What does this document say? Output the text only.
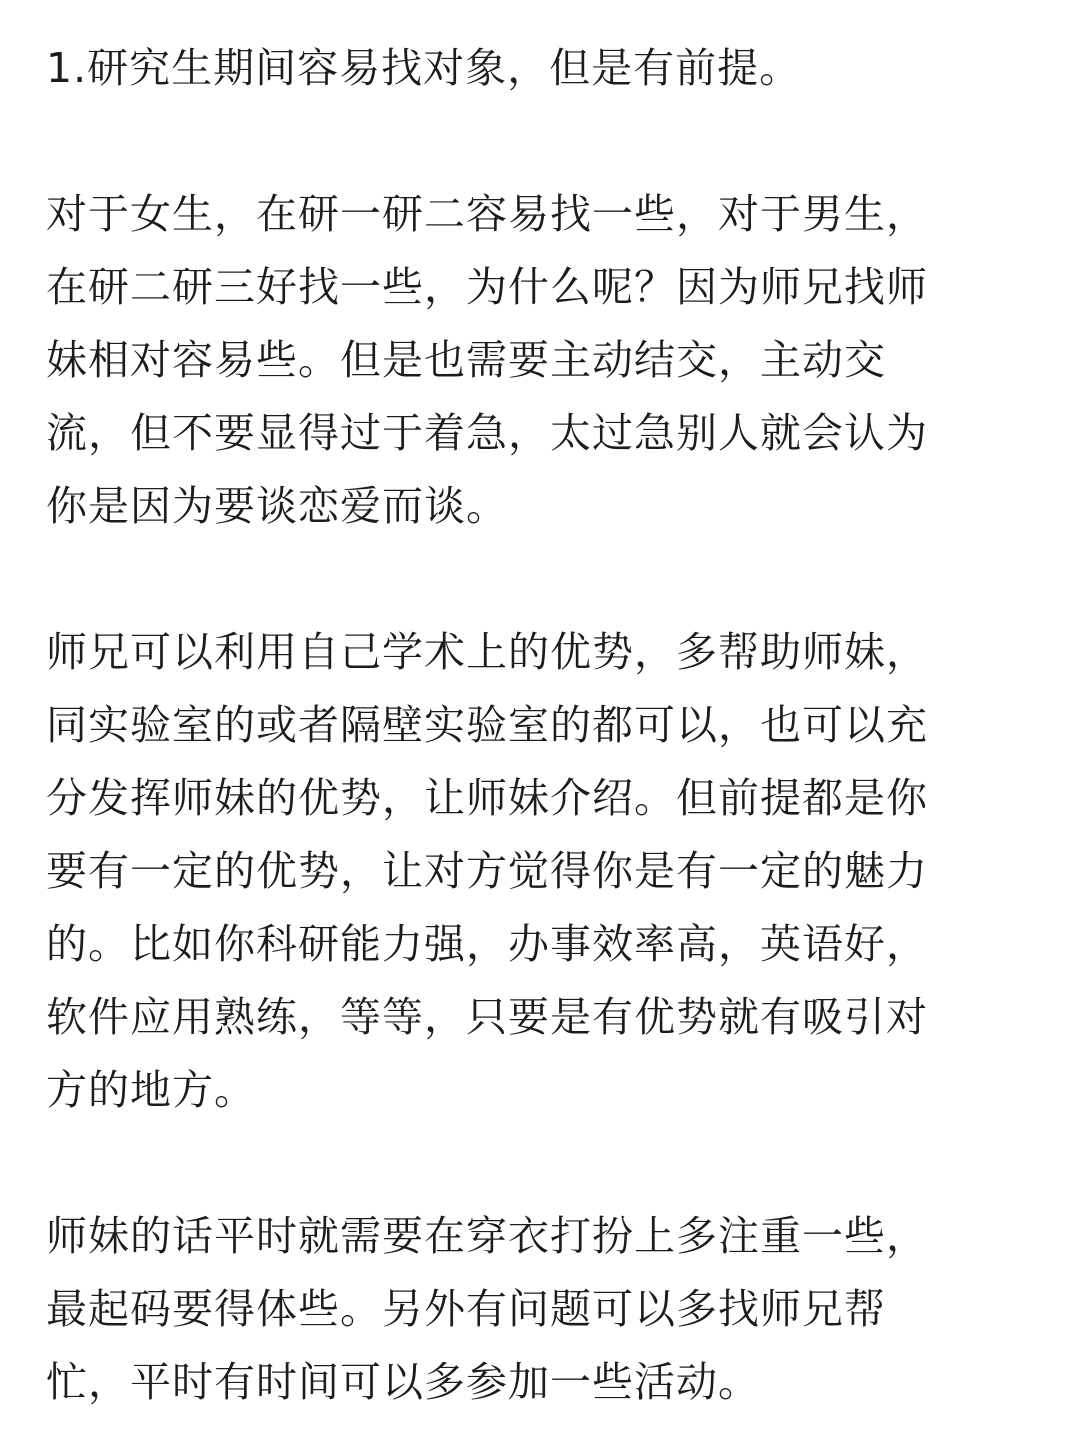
1.研究生期间容易找对象，但是有前提。

对于女生，在研一研二容易找一些，对于男生，
在研二研三好找一些，为什么呢？因为师兄找师
妹相对容易些。但是也需要主动结交，主动交
流，但不要显得过于着急，太过急别人就会认为
你是因为要谈恋爱而谈。

师兄可以利用自己学术上的优势，多帮助师妹，
同实验室的或者隔壁实验室的都可以，也可以充
分发挥师妹的优势，让师妹介绍。但前提都是你
要有一定的优势，让对方觉得你是有一定的魅力
的。比如你科研能力强，办事效率高，英语好，
软件应用熟练，等等，只要是有优势就有吸引对
方的地方。

师妹的话平时就需要在穿衣打扮上多注重一些，
最起码要得体些。另外有问题可以多找师兄帮
忙，平时有时间可以多参加一些活动。
